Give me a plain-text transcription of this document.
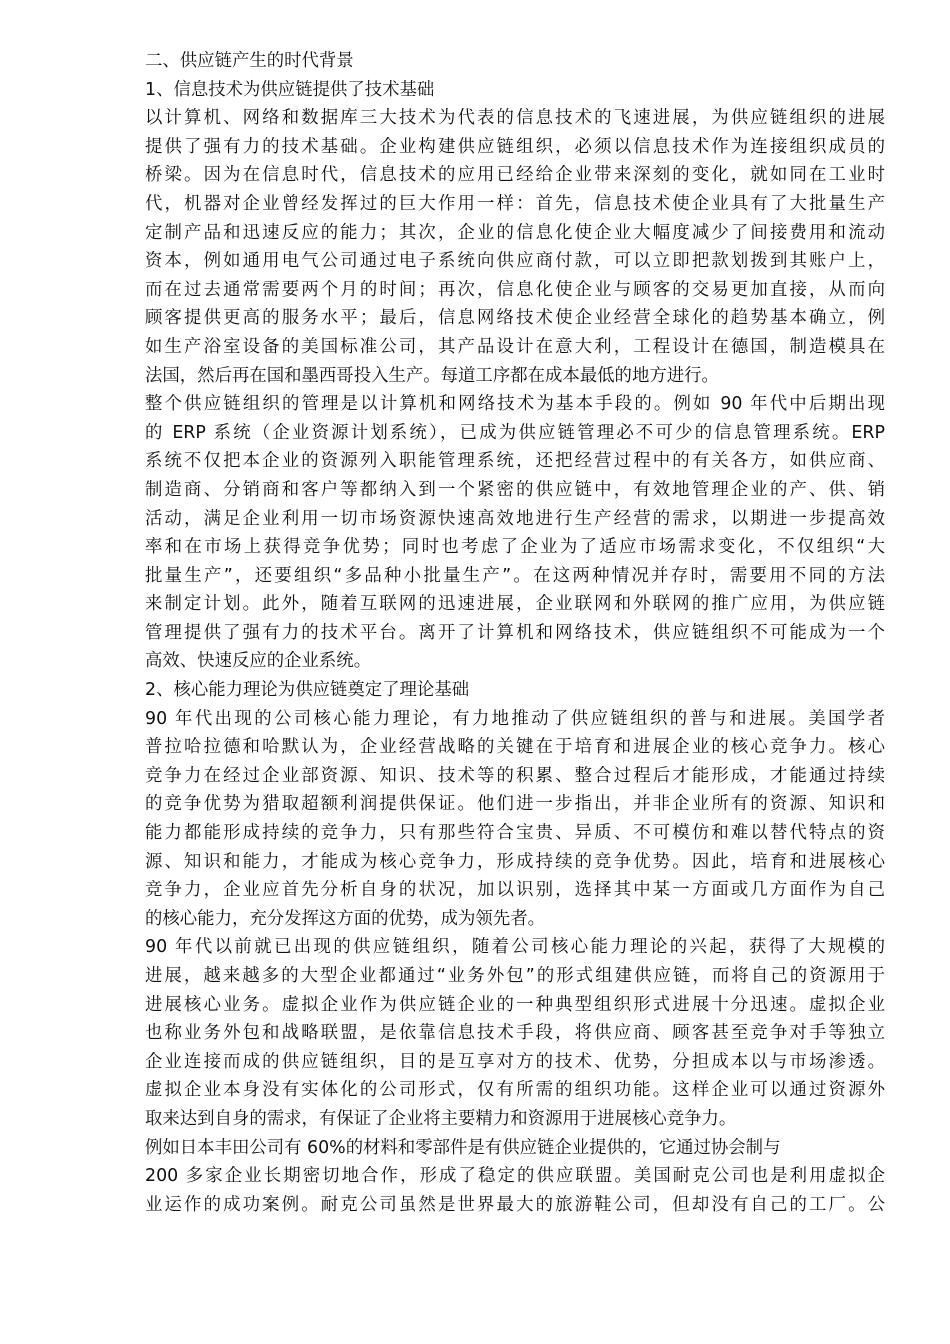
二、供应链产生的时代背景
1、信息技术为供应链提供了技术基础
以计算机、网络和数据库三大技术为代表的信息技术的飞速进展，为供应链组织的进展
提供了强有力的技术基础。企业构建供应链组织，必须以信息技术作为连接组织成员的
桥梁。因为在信息时代，信息技术的应用已经给企业带来深刻的变化，就如同在工业时
代，机器对企业曾经发挥过的巨大作用一样：首先，信息技术使企业具有了大批量生产
定制产品和迅速反应的能力；其次，企业的信息化使企业大幅度减少了间接费用和流动
资本，例如通用电气公司通过电子系统向供应商付款，可以立即把款划拨到其账户上，
而在过去通常需要两个月的时间；再次，信息化使企业与顾客的交易更加直接，从而向
顾客提供更高的服务水平；最后，信息网络技术使企业经营全球化的趋势基本确立，例
如生产浴室设备的美国标准公司，其产品设计在意大利，工程设计在德国，制造模具在
法国，然后再在国和墨西哥投入生产。每道工序都在成本最低的地方进行。
整个供应链组织的管理是以计算机和网络技术为基本手段的。例如 90 年代中后期出现
的 ERP 系统（企业资源计划系统），已成为供应链管理必不可少的信息管理系统。ERP
系统不仅把本企业的资源列入职能管理系统，还把经营过程中的有关各方，如供应商、
制造商、分销商和客户等都纳入到一个紧密的供应链中，有效地管理企业的产、供、销
活动，满足企业利用一切市场资源快速高效地进行生产经营的需求，以期进一步提高效
率和在市场上获得竞争优势；同时也考虑了企业为了适应市场需求变化，不仅组织“大
批量生产”，还要组织“多品种小批量生产”。在这两种情况并存时，需要用不同的方法
来制定计划。此外，随着互联网的迅速进展，企业联网和外联网的推广应用，为供应链
管理提供了强有力的技术平台。离开了计算机和网络技术，供应链组织不可能成为一个
高效、快速反应的企业系统。
2、核心能力理论为供应链奠定了理论基础
90 年代出现的公司核心能力理论，有力地推动了供应链组织的普与和进展。美国学者
普拉哈拉德和哈默认为，企业经营战略的关键在于培育和进展企业的核心竞争力。核心
竞争力在经过企业部资源、知识、技术等的积累、整合过程后才能形成，才能通过持续
的竞争优势为猎取超额利润提供保证。他们进一步指出，并非企业所有的资源、知识和
能力都能形成持续的竞争力，只有那些符合宝贵、异质、不可模仿和难以替代特点的资
源、知识和能力，才能成为核心竞争力，形成持续的竞争优势。因此，培育和进展核心
竞争力，企业应首先分析自身的状况，加以识别，选择其中某一方面或几方面作为自己
的核心能力，充分发挥这方面的优势，成为领先者。
90 年代以前就已出现的供应链组织，随着公司核心能力理论的兴起，获得了大规模的
进展，越来越多的大型企业都通过“业务外包”的形式组建供应链，而将自己的资源用于
进展核心业务。虚拟企业作为供应链企业的一种典型组织形式进展十分迅速。虚拟企业
也称业务外包和战略联盟，是依靠信息技术手段，将供应商、顾客甚至竞争对手等独立
企业连接而成的供应链组织，目的是互享对方的技术、优势，分担成本以与市场渗透。
虚拟企业本身没有实体化的公司形式，仅有所需的组织功能。这样企业可以通过资源外
取来达到自身的需求，有保证了企业将主要精力和资源用于进展核心竞争力。
例如日本丰田公司有 60%的材料和零部件是有供应链企业提供的，它通过协会制与
200 多家企业长期密切地合作，形成了稳定的供应联盟。美国耐克公司也是利用虚拟企
业运作的成功案例。耐克公司虽然是世界最大的旅游鞋公司，但却没有自己的工厂。公
